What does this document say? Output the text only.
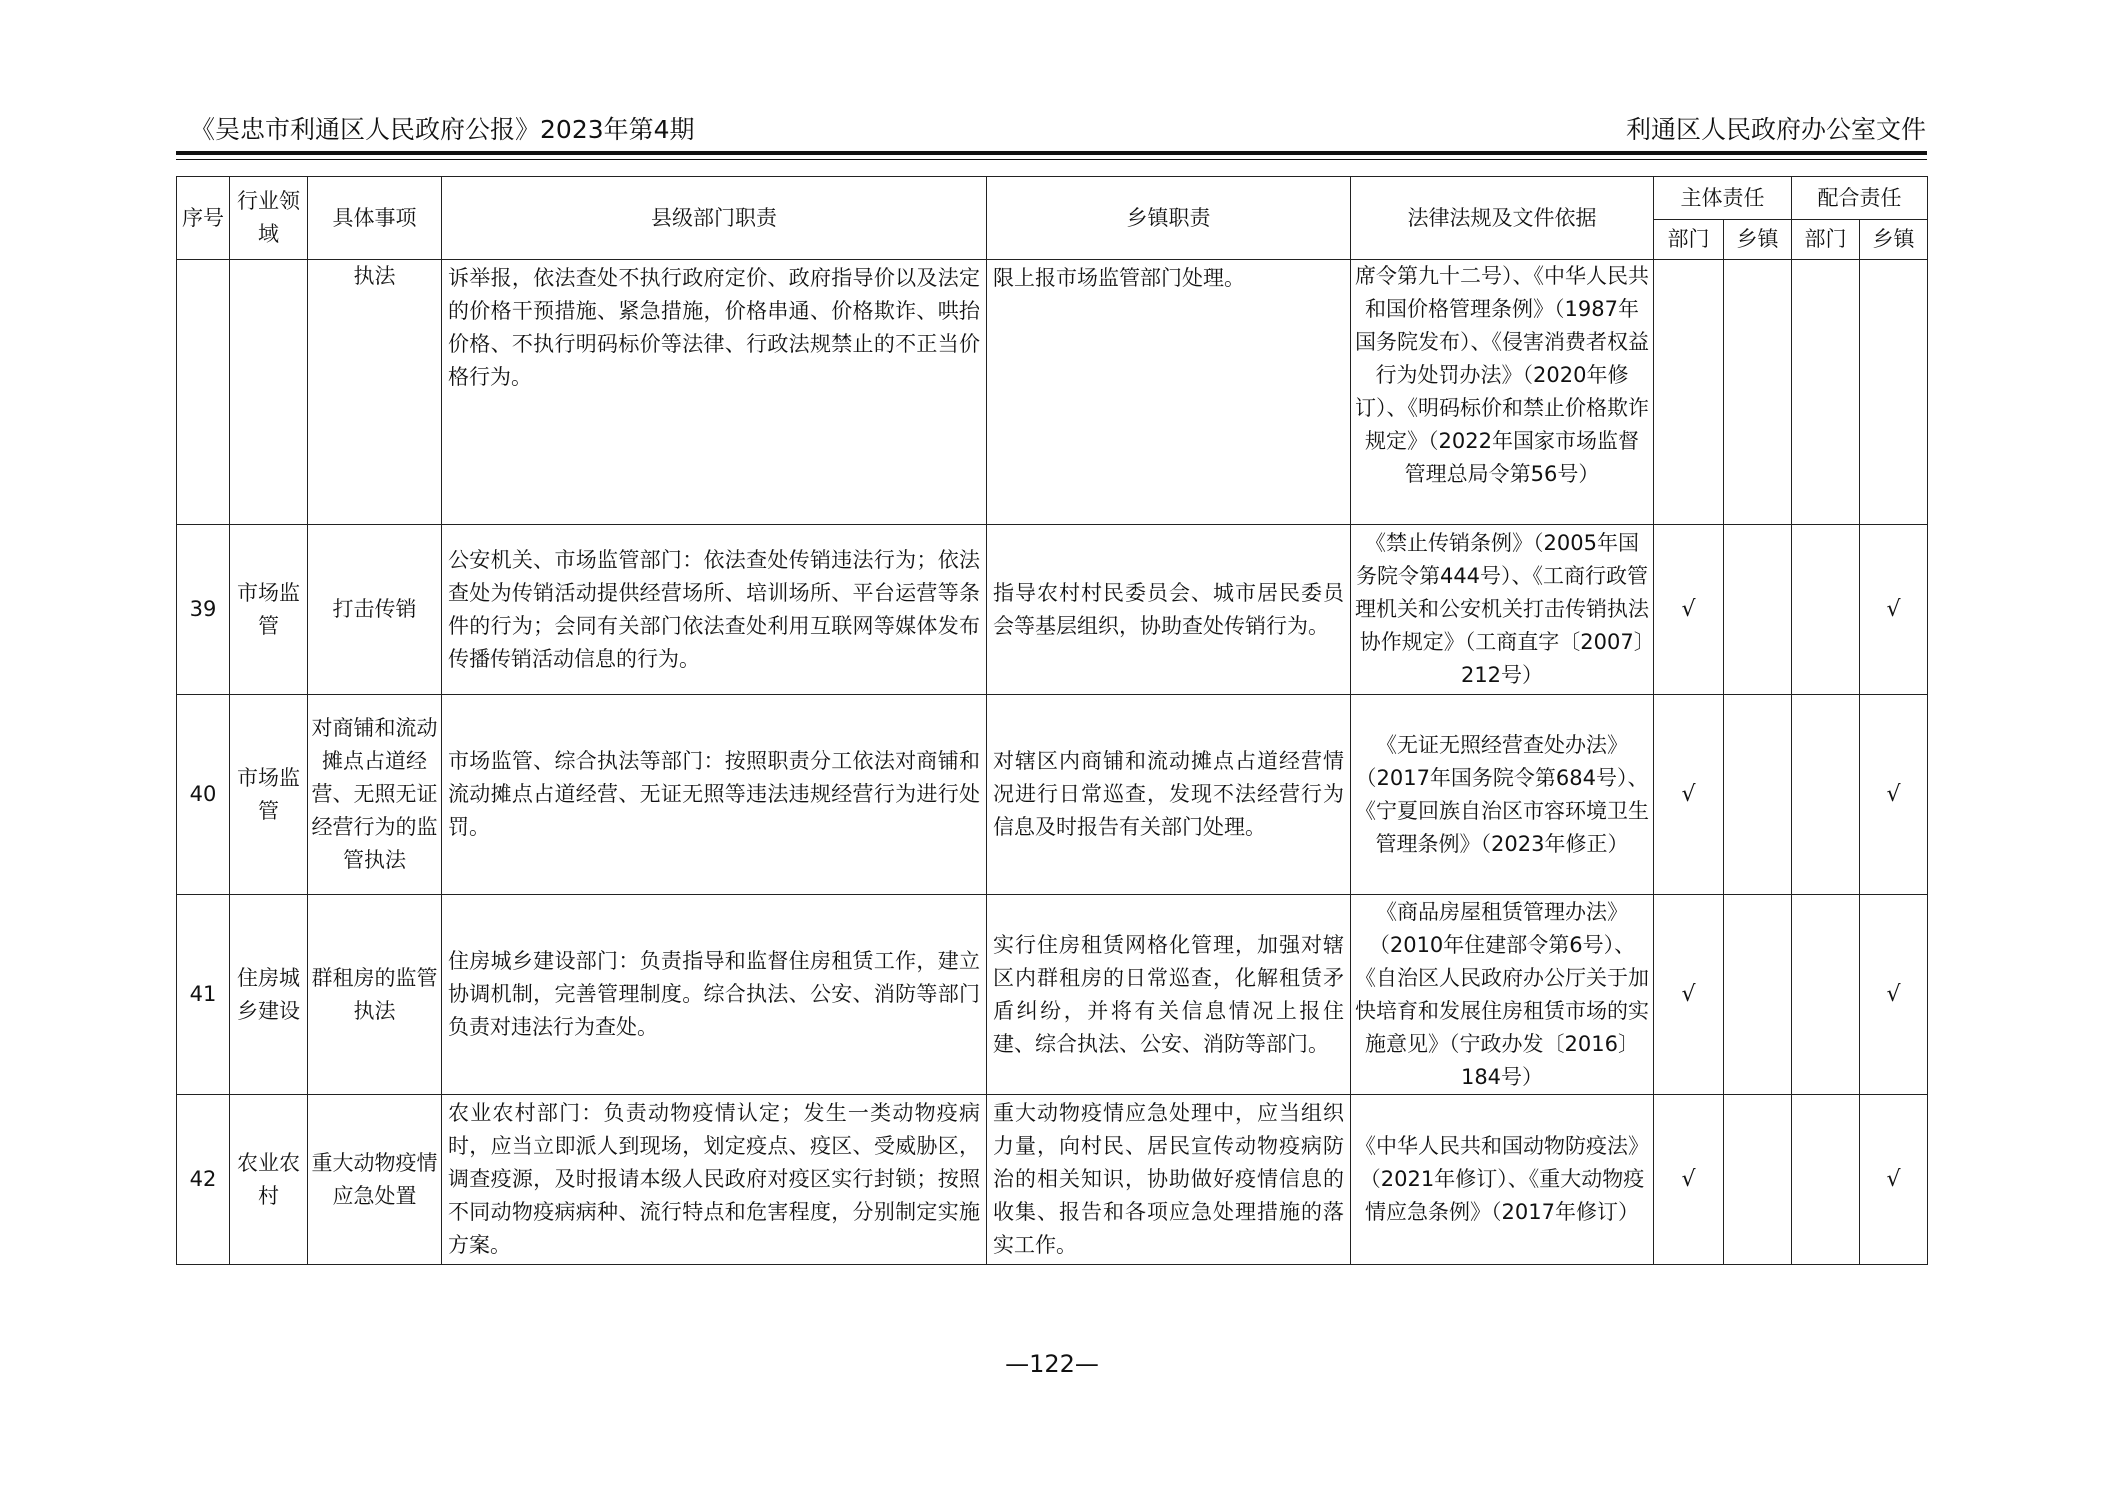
《吴忠市利通区人民政府公报》2023年第4期	利通区人民政府办公室文件
序号	行业领域	具体事项	县级部门职责	乡镇职责	法律法规及文件依据	主体责任		配合责任	
						部门	乡镇	部门	乡镇
		执法	诉举报，依法查处不执行政府定价、政府指导价以及法定的价格干预措施、紧急措施，价格串通、价格欺诈、哄抬价格、不执行明码标价等法律、行政法规禁止的不正当价格行为。	限上报市场监管部门处理。	席令第九十二号）、《中华人民共和国价格管理条例》（1987年国务院发布）、《侵害消费者权益行为处罚办法》（2020年修订）、《明码标价和禁止价格欺诈规定》（2022年国家市场监督管理总局令第56号）				
39	市场监管	打击传销	公安机关、市场监管部门：依法查处传销违法行为；依法查处为传销活动提供经营场所、培训场所、平台运营等条件的行为；会同有关部门依法查处利用互联网等媒体发布传播传销活动信息的行为。	指导农村村民委员会、城市居民委员会等基层组织，协助查处传销行为。	《禁止传销条例》（2005年国务院令第444号）、《工商行政管理机关和公安机关打击传销执法协作规定》（工商直字〔2007〕212号）	√			√
40	市场监管	对商铺和流动摊点占道经营、无照无证经营行为的监管执法	市场监管、综合执法等部门：按照职责分工依法对商铺和流动摊点占道经营、无证无照等违法违规经营行为进行处罚。	对辖区内商铺和流动摊点占道经营情况进行日常巡查，发现不法经营行为信息及时报告有关部门处理。	《无证无照经营查处办法》（2017年国务院令第684号）、《宁夏回族自治区市容环境卫生管理条例》（2023年修正）	√			√
41	住房城乡建设	群租房的监管执法	住房城乡建设部门：负责指导和监督住房租赁工作，建立协调机制，完善管理制度。综合执法、公安、消防等部门负责对违法行为查处。	实行住房租赁网格化管理，加强对辖区内群租房的日常巡查，化解租赁矛盾纠纷，并将有关信息情况上报住建、综合执法、公安、消防等部门。	《商品房屋租赁管理办法》（2010年住建部令第6号）、《自治区人民政府办公厅关于加快培育和发展住房租赁市场的实施意见》（宁政办发〔2016〕184号）	√			√
42	农业农村	重大动物疫情应急处置	农业农村部门：负责动物疫情认定；发生一类动物疫病时，应当立即派人到现场，划定疫点、疫区、受威胁区，调查疫源，及时报请本级人民政府对疫区实行封锁；按照不同动物疫病病种、流行特点和危害程度，分别制定实施方案。	重大动物疫情应急处理中，应当组织力量，向村民、居民宣传动物疫病防治的相关知识，协助做好疫情信息的收集、报告和各项应急处理措施的落实工作。	《中华人民共和国动物防疫法》（2021年修订）、《重大动物疫情应急条例》（2017年修订）	√			√
—122—
